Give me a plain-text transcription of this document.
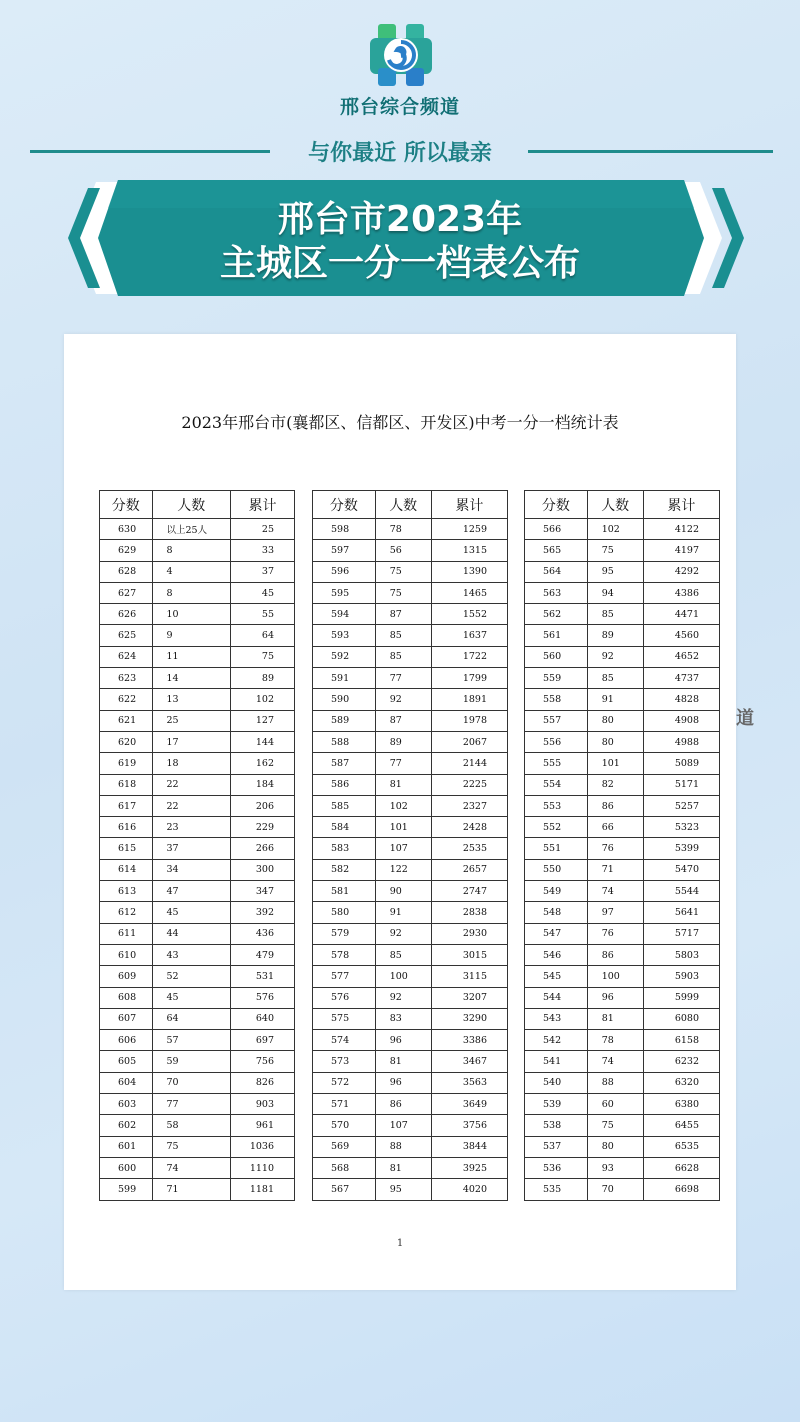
邢台综合频道
与你最近 所以最亲
邢台市2023年
主城区一分一档表公布
2023年邢台市(襄都区、信都区、开发区)中考一分一档统计表
分数	人数	累计
630	以上25人	25
629	8	33
628	4	37
627	8	45
626	10	55
625	9	64
624	11	75
623	14	89
622	13	102
621	25	127
620	17	144
619	18	162
618	22	184
617	22	206
616	23	229
615	37	266
614	34	300
613	47	347
612	45	392
611	44	436
610	43	479
609	52	531
608	45	576
607	64	640
606	57	697
605	59	756
604	70	826
603	77	903
602	58	961
601	75	1036
600	74	1110
599	71	1181
分数	人数	累计
598	78	1259
597	56	1315
596	75	1390
595	75	1465
594	87	1552
593	85	1637
592	85	1722
591	77	1799
590	92	1891
589	87	1978
588	89	2067
587	77	2144
586	81	2225
585	102	2327
584	101	2428
583	107	2535
582	122	2657
581	90	2747
580	91	2838
579	92	2930
578	85	3015
577	100	3115
576	92	3207
575	83	3290
574	96	3386
573	81	3467
572	96	3563
571	86	3649
570	107	3756
569	88	3844
568	81	3925
567	95	4020
分数	人数	累计
566	102	4122
565	75	4197
564	95	4292
563	94	4386
562	85	4471
561	89	4560
560	92	4652
559	85	4737
558	91	4828
557	80	4908
556	80	4988
555	101	5089
554	82	5171
553	86	5257
552	66	5323
551	76	5399
550	71	5470
549	74	5544
548	97	5641
547	76	5717
546	86	5803
545	100	5903
544	96	5999
543	81	6080
542	78	6158
541	74	6232
540	88	6320
539	60	6380
538	75	6455
537	80	6535
536	93	6628
535	70	6698
1
道
